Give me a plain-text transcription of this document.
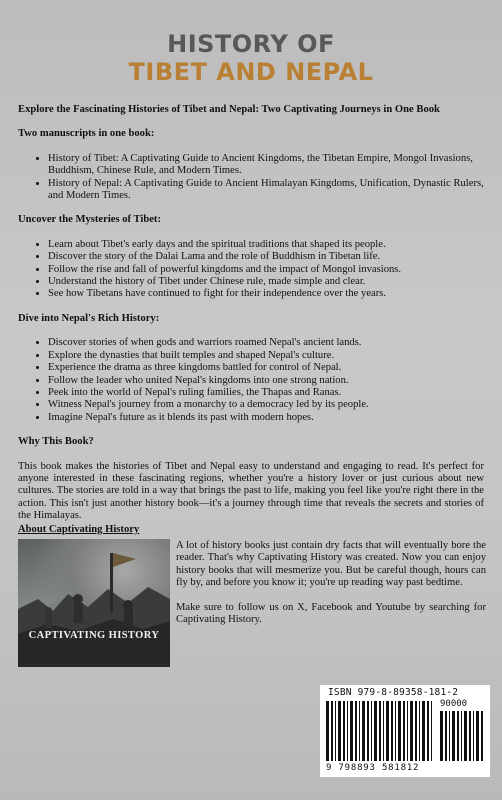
HISTORY OF
TIBET AND NEPAL
Explore the Fascinating Histories of Tibet and Nepal: Two Captivating Journeys in One Book
Two manuscripts in one book:
• History of Tibet: A Captivating Guide to Ancient Kingdoms, the Tibetan Empire, Mongol Invasions, Buddhism, Chinese Rule, and Modern Times.
• History of Nepal: A Captivating Guide to Ancient Himalayan Kingdoms, Unification, Dynastic Rulers, and Modern Times.
Uncover the Mysteries of Tibet:
• Learn about Tibet's early days and the spiritual traditions that shaped its people.
• Discover the story of the Dalai Lama and the role of Buddhism in Tibetan life.
• Follow the rise and fall of powerful kingdoms and the impact of Mongol invasions.
• Understand the history of Tibet under Chinese rule, made simple and clear.
• See how Tibetans have continued to fight for their independence over the years.
Dive into Nepal's Rich History:
• Discover stories of when gods and warriors roamed Nepal's ancient lands.
• Explore the dynasties that built temples and shaped Nepal's culture.
• Experience the drama as three kingdoms battled for control of Nepal.
• Follow the leader who united Nepal's kingdoms into one strong nation.
• Peek into the world of Nepal's ruling families, the Thapas and Ranas.
• Witness Nepal's journey from a monarchy to a democracy led by its people.
• Imagine Nepal's future as it blends its past with modern hopes.
Why This Book?

This book makes the histories of Tibet and Nepal easy to understand and engaging to read. It's perfect for anyone interested in these fascinating regions, whether you're a history lover or just curious about new cultures. The stories are told in a way that brings the past to life, making you feel like you're right there in the action. This isn't just another history book—it's a journey through time that reveals the secrets and stories of the Himalayas.

About Captivating History
CAPTIVATING HISTORY

A lot of history books just contain dry facts that will eventually bore the reader. That's why Captivating History was created. Now you can enjoy history books that will mesmerize you. But be careful though, hours can fly by, and before you know it; you're up reading way past bedtime.

Make sure to follow us on X, Facebook and Youtube by searching for Captivating History.

ISBN 979-8-89358-181-2
90000
9 798893 581812
